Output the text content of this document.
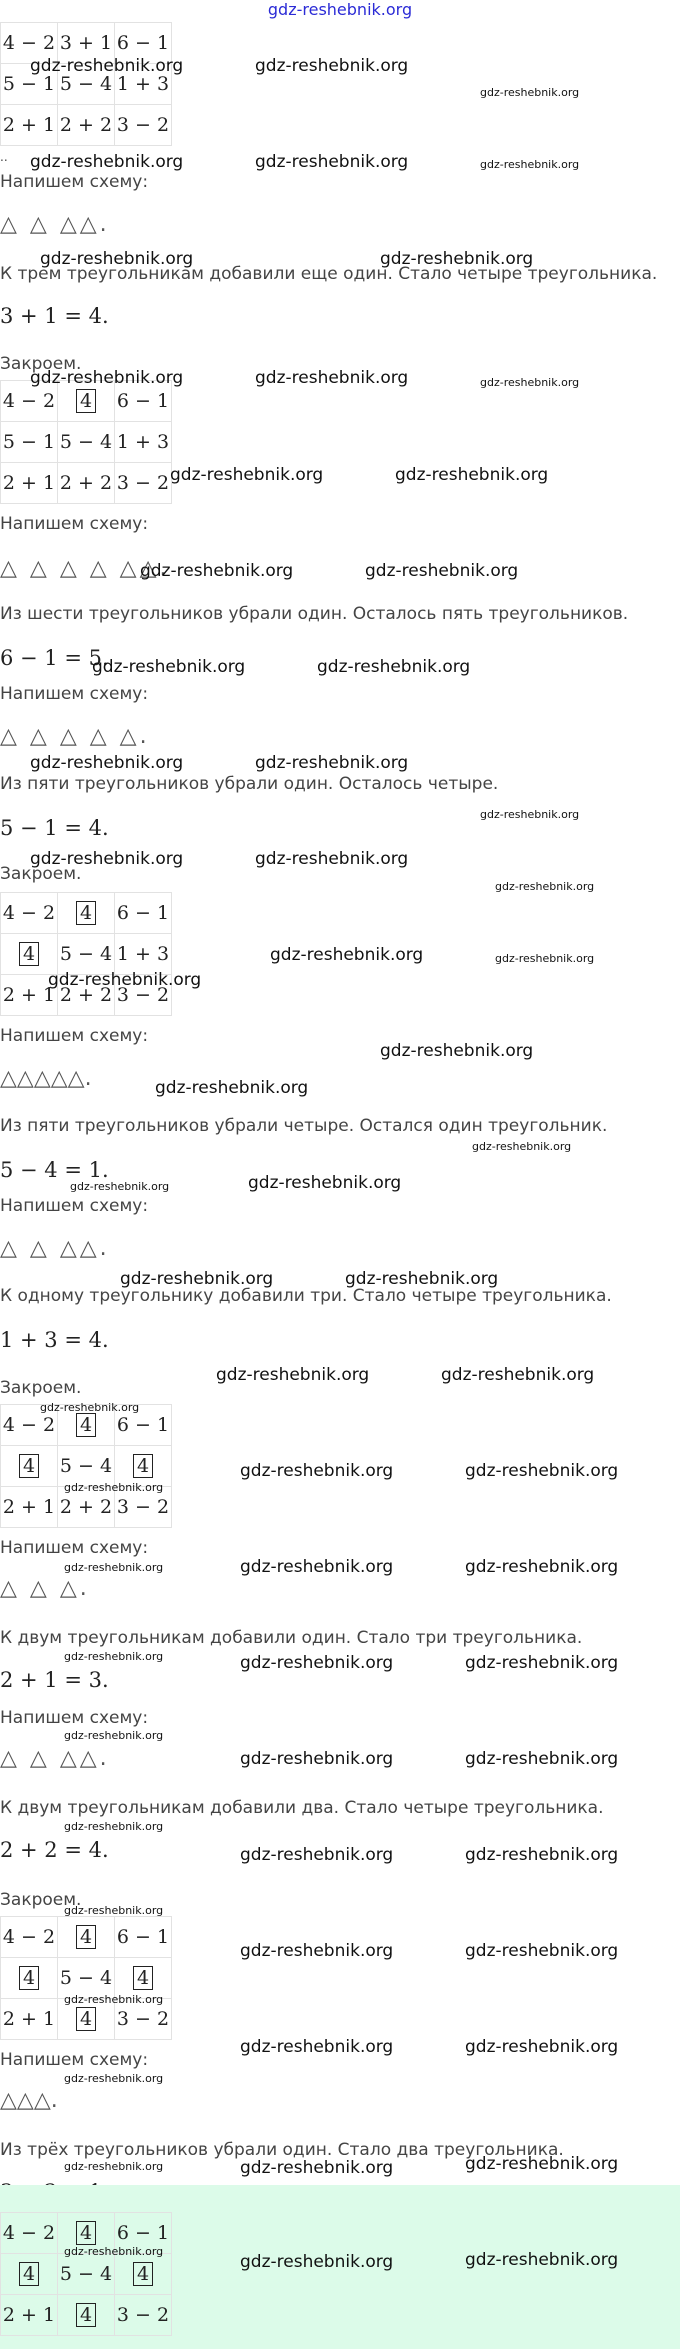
gdz-reshebnik.org
4 − 2	3 + 1	6 − 1
5 − 1	5 − 4	1 + 3
2 + 1	2 + 2	3 − 2
..
Напишем схему:
△ △ △△.
К трем треугольникам добавили еще один. Стало четыре треугольника.
3 + 1 = 4.
Закроем.
4 − 2	4	6 − 1
5 − 1	5 − 4	1 + 3
2 + 1	2 + 2	3 − 2
Напишем схему:
△ △ △ △ △△.
Из шести треугольников убрали один. Осталось пять треугольников.
6 − 1 = 5.
Напишем схему:
△ △ △ △ △.
Из пяти треугольников убрали один. Осталось четыре.
5 − 1 = 4.
Закроем.
4 − 2	4	6 − 1
4	5 − 4	1 + 3
2 + 1	2 + 2	3 − 2
Напишем схему:
△△△△△.
Из пяти треугольников убрали четыре. Остался один треугольник.
5 − 4 = 1.
Напишем схему:
△ △ △△.
К одному треугольнику добавили три. Стало четыре треугольника.
1 + 3 = 4.
Закроем.
4 − 2	4	6 − 1
4	5 − 4	4
2 + 1	2 + 2	3 − 2
Напишем схему:
△ △ △.
К двум треугольникам добавили один. Стало три треугольника.
2 + 1 = 3.
Напишем схему:
△ △ △△.
К двум треугольникам добавили два. Стало четыре треугольника.
2 + 2 = 4.
Закроем.
4 − 2	4	6 − 1
4	5 − 4	4
2 + 1	4	3 − 2
Напишем схему:
△△△.
Из трёх треугольников убрали один. Стало два треугольника.
4 − 2	4	6 − 1
4	5 − 4	4
2 + 1	4	3 − 2
gdz-reshebnik.org	gdz-reshebnik.org
gdz-reshebnik.org
gdz-reshebnik.org	gdz-reshebnik.org	gdz-reshebnik.org
gdz-reshebnik.org	gdz-reshebnik.org
gdz-reshebnik.org	gdz-reshebnik.org	gdz-reshebnik.org
gdz-reshebnik.org	gdz-reshebnik.org
gdz-reshebnik.org	gdz-reshebnik.org
gdz-reshebnik.org	gdz-reshebnik.org
gdz-reshebnik.org	gdz-reshebnik.org
gdz-reshebnik.org
gdz-reshebnik.org	gdz-reshebnik.org
gdz-reshebnik.org
gdz-reshebnik.org	gdz-reshebnik.org
gdz-reshebnik.org
gdz-reshebnik.org
gdz-reshebnik.org
gdz-reshebnik.org
gdz-reshebnik.org	gdz-reshebnik.org
gdz-reshebnik.org	gdz-reshebnik.org
gdz-reshebnik.org	gdz-reshebnik.org
gdz-reshebnik.org
gdz-reshebnik.org	gdz-reshebnik.org
gdz-reshebnik.org
gdz-reshebnik.org	gdz-reshebnik.org	gdz-reshebnik.org
gdz-reshebnik.org	gdz-reshebnik.org	gdz-reshebnik.org
gdz-reshebnik.org
gdz-reshebnik.org	gdz-reshebnik.org
gdz-reshebnik.org
gdz-reshebnik.org	gdz-reshebnik.org
gdz-reshebnik.org
gdz-reshebnik.org	gdz-reshebnik.org
gdz-reshebnik.org
gdz-reshebnik.org	gdz-reshebnik.org
gdz-reshebnik.org
gdz-reshebnik.org	gdz-reshebnik.org	gdz-reshebnik.org
gdz-reshebnik.org
gdz-reshebnik.org	gdz-reshebnik.org
